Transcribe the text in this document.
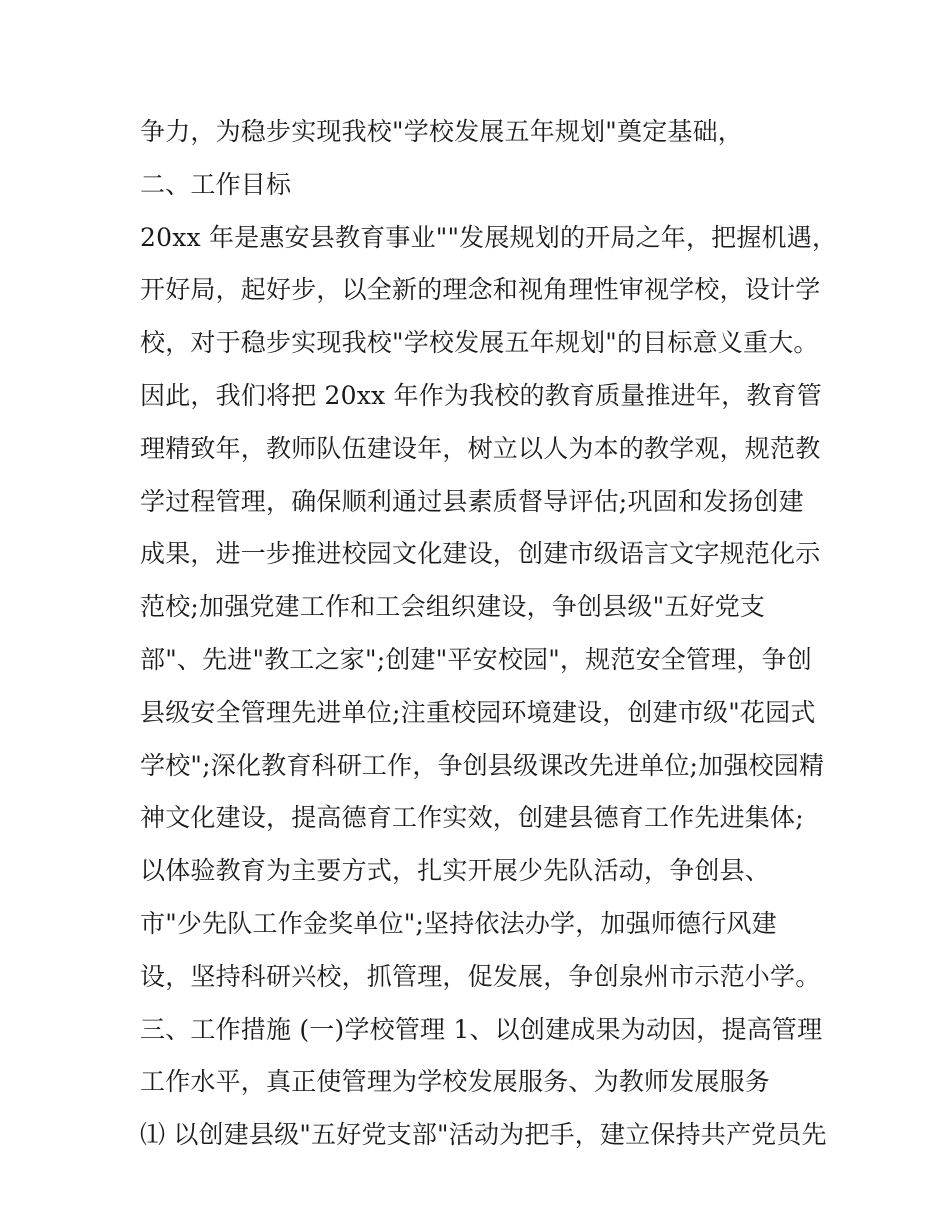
争力，为稳步实现我校"学校发展五年规划"奠定基础，
二、工作目标
20xx 年是惠安县教育事业""发展规划的开局之年，把握机遇，
开好局，起好步，以全新的理念和视角理性审视学校，设计学
校，对于稳步实现我校"学校发展五年规划"的目标意义重大。
因此，我们将把 20xx 年作为我校的教育质量推进年，教育管
理精致年，教师队伍建设年，树立以人为本的教学观，规范教
学过程管理，确保顺利通过县素质督导评估;巩固和发扬创建
成果，进一步推进校园文化建设，创建市级语言文字规范化示
范校;加强党建工作和工会组织建设，争创县级"五好党支
部"、先进"教工之家";创建"平安校园"，规范安全管理，争创
县级安全管理先进单位;注重校园环境建设，创建市级"花园式
学校";深化教育科研工作，争创县级课改先进单位;加强校园精
神文化建设，提高德育工作实效，创建县德育工作先进集体;
以体验教育为主要方式，扎实开展少先队活动，争创县、
市"少先队工作金奖单位";坚持依法办学，加强师德行风建
设，坚持科研兴校，抓管理，促发展，争创泉州市示范小学。
三、工作措施 (一)学校管理 1、以创建成果为动因，提高管理
工作水平，真正使管理为学校发展服务、为教师发展服务
⑴ 以创建县级"五好党支部"活动为把手，建立保持共产党员先
